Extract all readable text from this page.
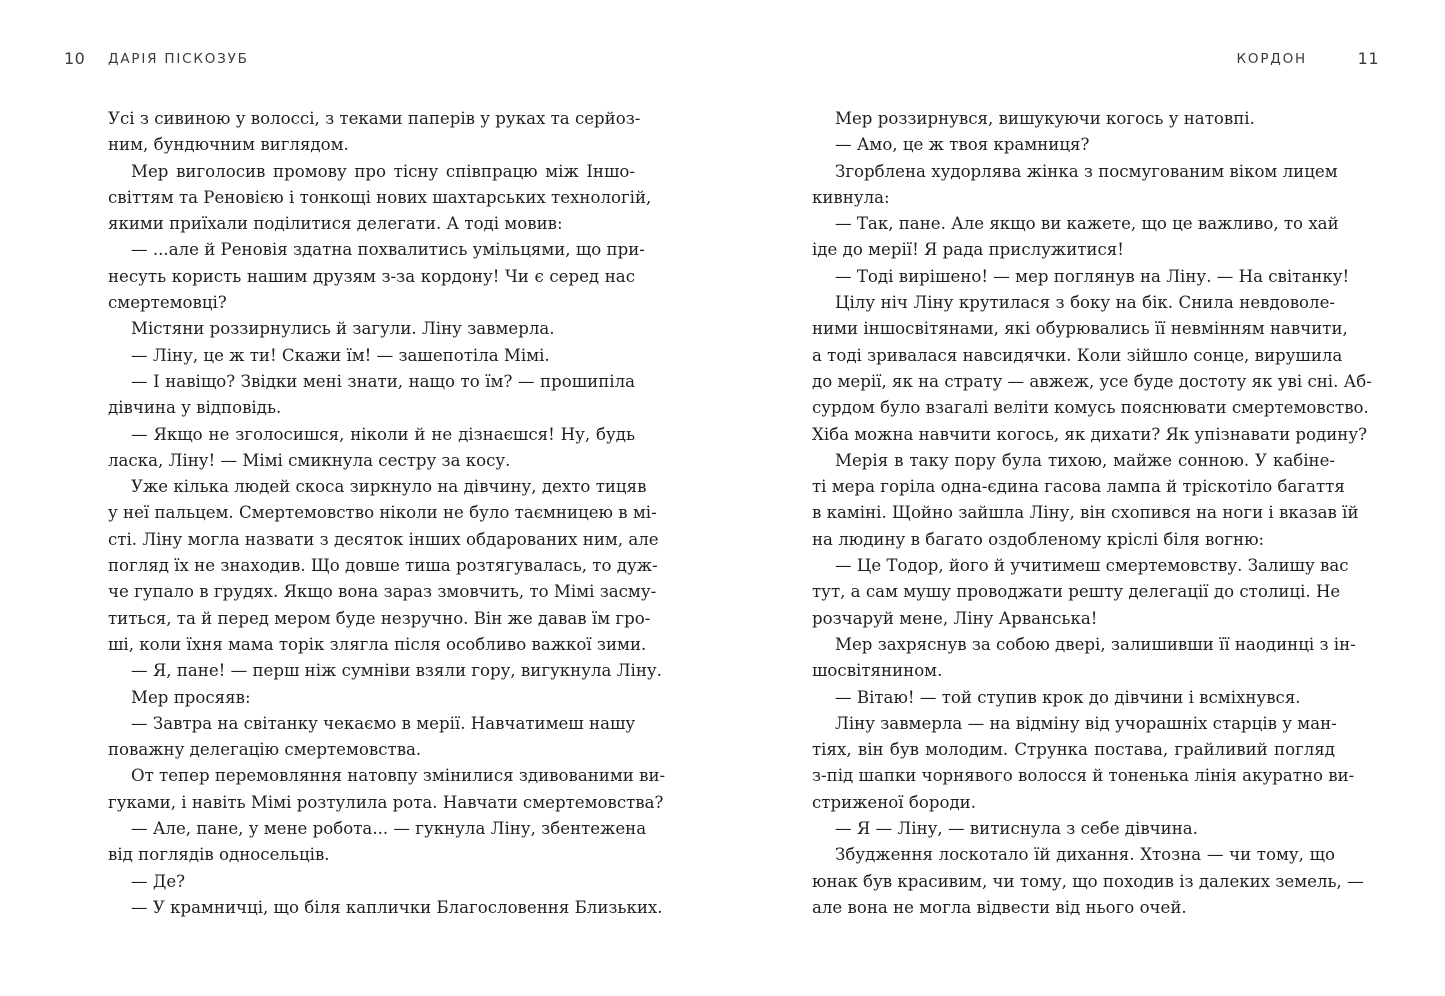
10 ДАРІЯ ПІСКОЗУБ
Усі з сивиною у волоссі, з теками паперів у руках та серйоз-
ним, бундючним виглядом.
Мер виголосив промову про тісну співпрацю між Іншо-
світтям та Реновією і тонкощі нових шахтарських технологій,
якими приїхали поділитися делегати. А тоді мовив:
— ...але й Реновія здатна похвалитись умільцями, що при-
несуть користь нашим друзям з-за кордону! Чи є серед нас
смертемовці?
Містяни роззирнулись й загули. Ліну завмерла.
— Ліну, це ж ти! Скажи їм! — зашепотіла Мімі.
— І навіщо? Звідки мені знати, нащо то їм? — прошипіла
дівчина у відповідь.
— Якщо не зголосишся, ніколи й не дізнаєшся! Ну, будь
ласка, Ліну! — Мімі смикнула сестру за косу.
Уже кілька людей скоса зиркнуло на дівчину, дехто тицяв
у неї пальцем. Смертемовство ніколи не було таємницею в мі-
сті. Ліну могла назвати з десяток інших обдарованих ним, але
погляд їх не знаходив. Що довше тиша розтягувалась, то дуж-
че гупало в грудях. Якщо вона зараз змовчить, то Мімі засму-
титься, та й перед мером буде незручно. Він же давав їм гро-
ші, коли їхня мама торік злягла після особливо важкої зими.
— Я, пане! — перш ніж сумніви взяли гору, вигукнула Ліну.
Мер просяяв:
— Завтра на світанку чекаємо в мерії. Навчатимеш нашу
поважну делегацію смертемовства.
От тепер перемовляння натовпу змінилися здивованими ви-
гуками, і навіть Мімі розтулила рота. Навчати смертемовства?
— Але, пане, у мене робота... — гукнула Ліну, збентежена
від поглядів односельців.
— Де?
— У крамничці, що біля каплички Благословення Близьких.
КОРДОН	11
Мер роззирнувся, вишукуючи когось у натовпі.
— Амо, це ж твоя крамниця?
Згорблена худорлява жінка з посмугованим віком лицем
кивнула:
— Так, пане. Але якщо ви кажете, що це важливо, то хай
іде до мерії! Я рада прислужитися!
— Тоді вирішено! — мер поглянув на Ліну. — На світанку!
Цілу ніч Ліну крутилася з боку на бік. Снила невдоволе-
ними іншосвітянами, які обурювались її невмінням навчити,
а тоді зривалася навсидячки. Коли зійшло сонце, вирушила
до мерії, як на страту — авжеж, усе буде достоту як уві сні. Аб-
сурдом було взагалі веліти комусь пояснювати смертемовство.
Хіба можна навчити когось, як дихати? Як упізнавати родину?
Мерія в таку пору була тихою, майже сонною. У кабіне-
ті мера горіла одна-єдина гасова лампа й тріскотіло багаття
в каміні. Щойно зайшла Ліну, він схопився на ноги і вказав їй
на людину в багато оздобленому кріслі біля вогню:
— Це Тодор, його й учитимеш смертемовству. Залишу вас
тут, а сам мушу проводжати решту делегації до столиці. Не
розчаруй мене, Ліну Арванська!
Мер захряснув за собою двері, залишивши її наодинці з ін-
шосвітянином.
— Вітаю! — той ступив крок до дівчини і всміхнувся.
Ліну завмерла — на відміну від учорашніх старців у ман-
тіях, він був молодим. Струнка постава, грайливий погляд
з-під шапки чорнявого волосся й тоненька лінія акуратно ви-
стриженої бороди.
— Я — Ліну, — витиснула з себе дівчина.
Збудження лоскотало їй дихання. Хтозна — чи тому, що
юнак був красивим, чи тому, що походив із далеких земель, —
але вона не могла відвести від нього очей.
